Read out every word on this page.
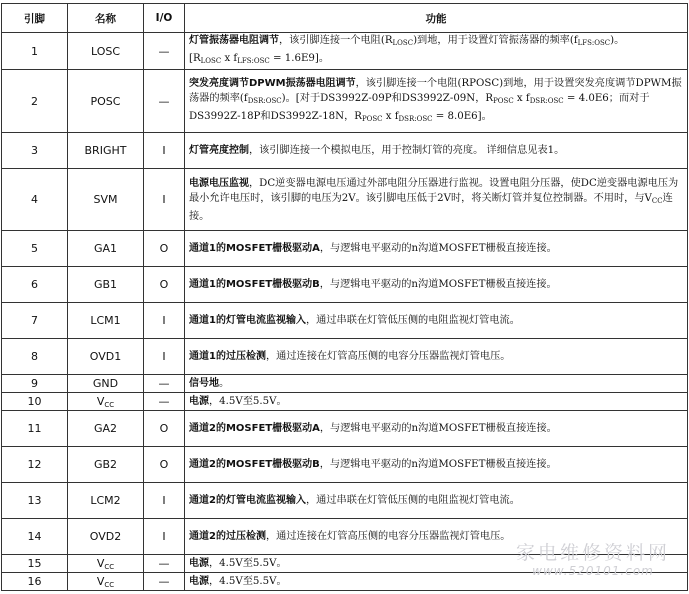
引脚	名称	I/O	功能
1	LOSC	—	灯管振荡器电阻调节，该引脚连接一个电阻$(R_{LOSC})$到地，用于设置灯管振荡器的频率$(f_{LFS:OSC})$。
[$R_{LOSC}$ x $f_{LFS:OSC} = 1.6E9$]。
2	POSC	—	突发亮度调节DPWM振荡器电阻调节，该引脚连接一个电阻(RPOSC)到地，用于设置突发亮度调节DPWM振荡器的频率$(f_{DSR:OSC})$。[对于DS3992Z-09P和DS3992Z-09N，$R_{POSC}$ x $f_{DSR:OSC} = 4.0E6$；而对于DS3992Z-18P和DS3992Z-18N，$R_{POSC}$ x $f_{DSR:OSC} = 8.0E6$]。
3	BRIGHT	I	灯管亮度控制，该引脚连接一个模拟电压，用于控制灯管的亮度。 详细信息见表1。
4	SVM	I	电源电压监视，DC逆变器电源电压通过外部电阻分压器进行监视。设置电阻分压器，使DC逆变器电源电压为最小允许电压时，该引脚的电压为2V。该引脚电压低于2V时，将关断灯管并复位控制器。不用时，与$V_{CC}$连接。
5	GA1	O	通道1的MOSFET栅极驱动A，与逻辑电平驱动的n沟道MOSFET栅极直接连接。
6	GB1	O	通道1的MOSFET栅极驱动B，与逻辑电平驱动的n沟道MOSFET栅极直接连接。
7	LCM1	I	通道1的灯管电流监视输入，通过串联在灯管低压侧的电阻监视灯管电流。
8	OVD1	I	通道1的过压检测，通过连接在灯管高压侧的电容分压器监视灯管电压。
9	GND	—	信号地。
10	$V_{CC}$	—	电源，4.5V至5.5V。
11	GA2	O	通道2的MOSFET栅极驱动A，与逻辑电平驱动的n沟道MOSFET栅极直接连接。
12	GB2	O	通道2的MOSFET栅极驱动B，与逻辑电平驱动的n沟道MOSFET栅极直接连接。
13	LCM2	I	通道2的灯管电流监视输入，通过串联在灯管低压侧的电阻监视灯管电流。
14	OVD2	I	通道2的过压检测，通过连接在灯管高压侧的电容分压器监视灯管电压。
15	$V_{CC}$	—	电源，4.5V至5.5V。
16	$V_{CC}$	—	电源，4.5V至5.5V。
家电维修资料网
www.520101.com
